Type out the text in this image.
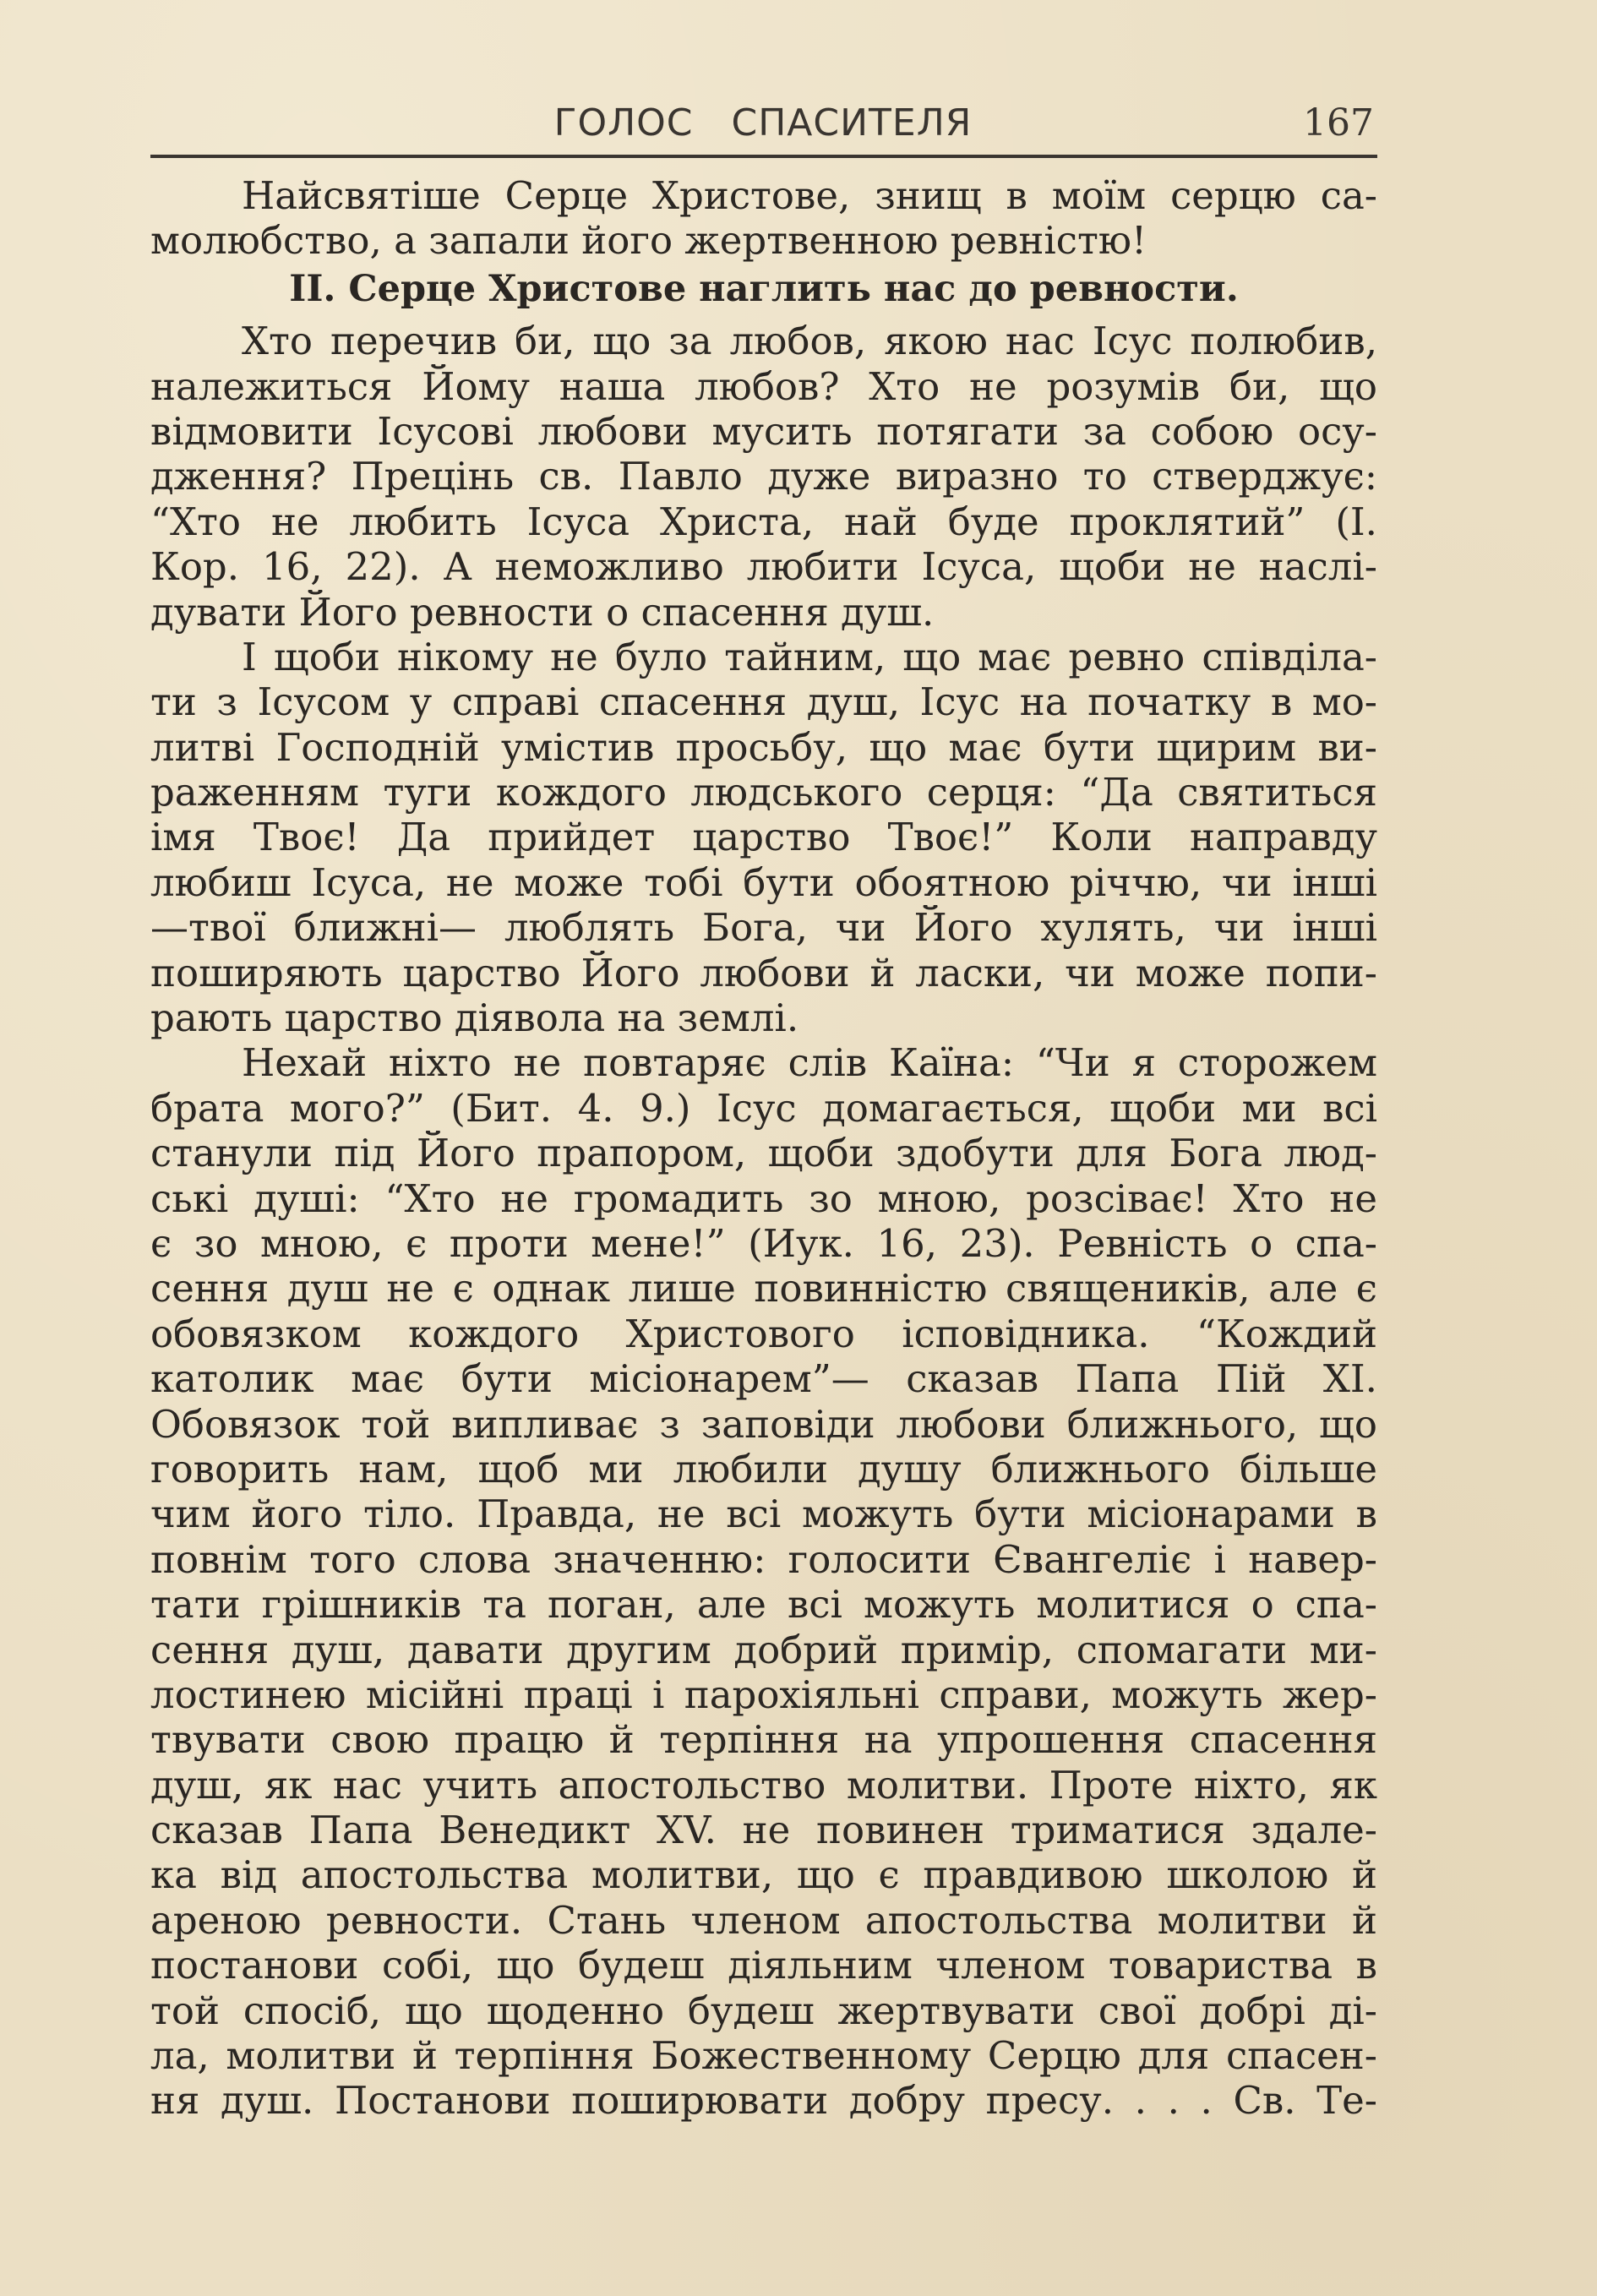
ГОЛОС   СПАСИТЕЛЯ	167
Найсвятіше Серце Христове, знищ в моїм серцю са-
молюбство, а запали його жертвенною ревністю!
II. Серце Христове наглить нас до ревности.
Хто перечив би, що за любов, якою нас Ісус полюбив,
належиться Йому наша любов? Хто не розумів би, що
відмовити Ісусові любови мусить потягати за собою осу-
дження? Прецінь св. Павло дуже виразно то стверджує:
“Хто не любить Ісуса Христа, най буде проклятий” (I.
Кор. 16, 22). А неможливо любити Ісуса, щоби не наслі-
дувати Його ревности о спасення душ.
І щоби нікому не було тайним, що має ревно співділа-
ти з Ісусом у справі спасення душ, Ісус на початку в мо-
литві Господній умістив просьбу, що має бути щирим ви-
раженням туги кождого людського серця: “Да святиться
імя Твоє! Да прийдет царство Твоє!” Коли направду
любиш Ісуса, не може тобі бути обоятною річчю, чи інші
—твої ближні— люблять Бога, чи Його хулять, чи інші
поширяють царство Його любови й ласки, чи може попи-
рають царство діявола на землі.
Нехай ніхто не повтаряє слів Каїна: “Чи я сторожем
брата мого?” (Бит. 4. 9.) Ісус домагається, щоби ми всі
станули під Його прапором, щоби здобути для Бога люд-
ські душі: “Хто не громадить зо мною, розсіває! Хто не
є зо мною, є проти мене!” (Иук. 16, 23). Ревність о спа-
сення душ не є однак лише повинністю священиків, але є
обовязком кождого Христового ісповідника. “Кождий
католик має бути місіонарем”— сказав Папа Пій XI.
Обовязок той випливає з заповіди любови ближнього, що
говорить нам, щоб ми любили душу ближнього більше
чим його тіло. Правда, не всі можуть бути місіонарами в
повнім того слова значенню: голосити Євангеліє і навер-
тати грішників та поган, але всі можуть молитися о спа-
сення душ, давати другим добрий примір, спомагати ми-
лостинею місійні праці і парохіяльні справи, можуть жер-
твувати свою працю й терпіння на упрошення спасення
душ, як нас учить апостольство молитви. Проте ніхто, як
сказав Папа Венедикт XV. не повинен триматися здале-
ка від апостольства молитви, що є правдивою школою й
ареною ревности. Стань членом апостольства молитви й
постанови собі, що будеш діяльним членом товариства в
той спосіб, що щоденно будеш жертвувати свої добрі ді-
ла, молитви й терпіння Божественному Серцю для спасен-
ня душ. Постанови поширювати добру пресу. . . . Св. Те-
